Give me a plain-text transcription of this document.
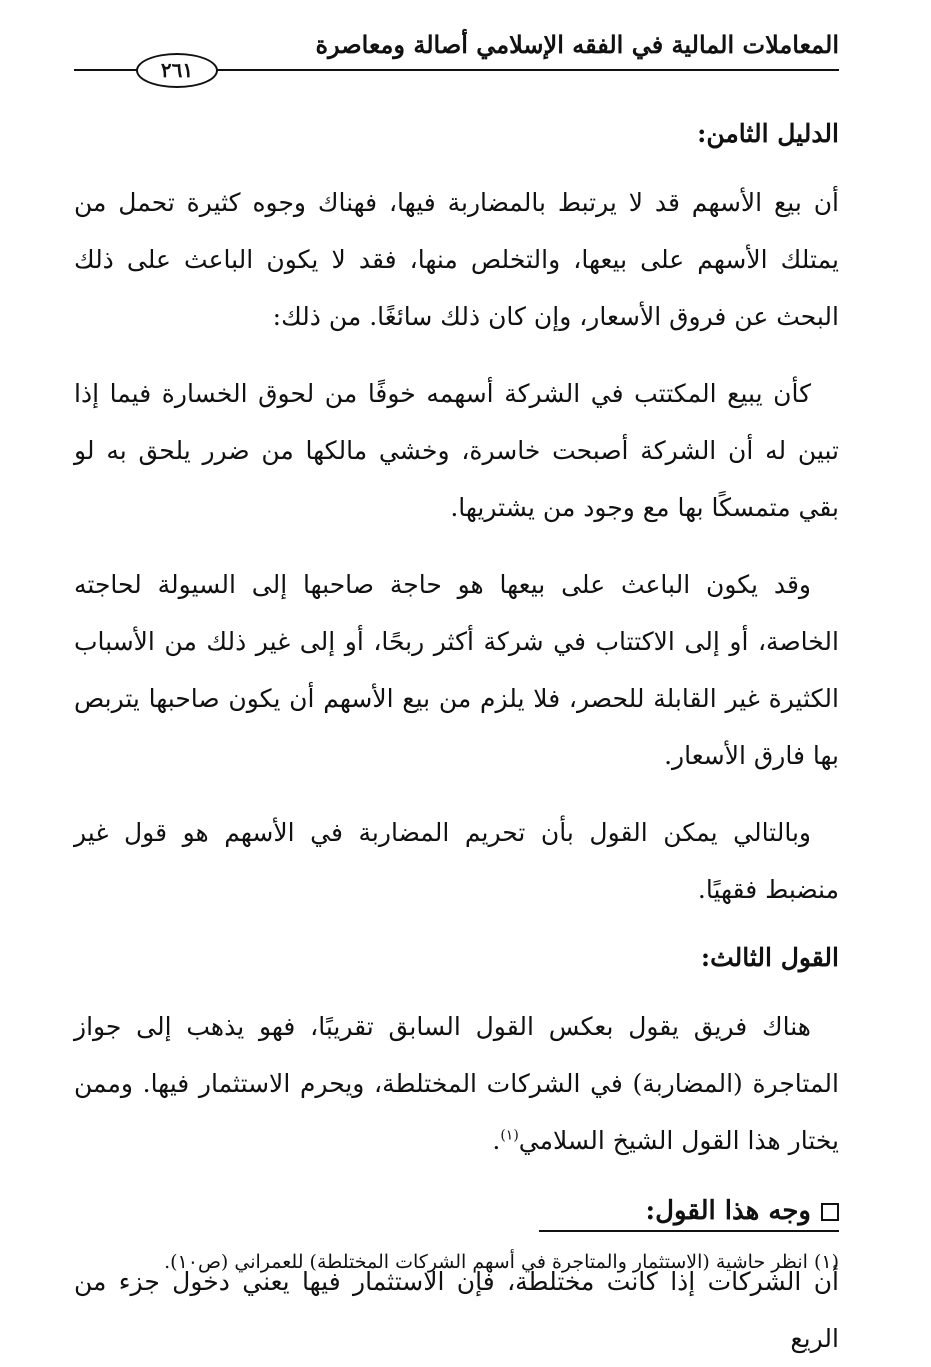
المعاملات المالية في الفقه الإسلامي أصالة ومعاصرة
٢٦١

الدليل الثامن:

أن بيع الأسهم قد لا يرتبط بالمضاربة فيها، فهناك وجوه كثيرة تحمل من يمتلك الأسهم على بيعها، والتخلص منها، فقد لا يكون الباعث على ذلك البحث عن فروق الأسعار، وإن كان ذلك سائغًا. من ذلك:

كأن يبيع المكتتب في الشركة أسهمه خوفًا من لحوق الخسارة فيما إذا تبين له أن الشركة أصبحت خاسرة، وخشي مالكها من ضرر يلحق به لو بقي متمسكًا بها مع وجود من يشتريها.

وقد يكون الباعث على بيعها هو حاجة صاحبها إلى السيولة لحاجته الخاصة، أو إلى الاكتتاب في شركة أكثر ربحًا، أو إلى غير ذلك من الأسباب الكثيرة غير القابلة للحصر، فلا يلزم من بيع الأسهم أن يكون صاحبها يتربص بها فارق الأسعار.

وبالتالي يمكن القول بأن تحريم المضاربة في الأسهم هو قول غير منضبط فقهيًا.

القول الثالث:

هناك فريق يقول بعكس القول السابق تقريبًا، فهو يذهب إلى جواز المتاجرة (المضاربة) في الشركات المختلطة، ويحرم الاستثمار فيها. وممن يختار هذا القول الشيخ السلامي$^{(١)}$.

وجه هذا القول:

أن الشركات إذا كانت مختلطة، فإن الاستثمار فيها يعني دخول جزء من الريع

(١) انظر حاشية (الاستثمار والمتاجرة في أسهم الشركات المختلطة) للعمراني (ص١٠).
